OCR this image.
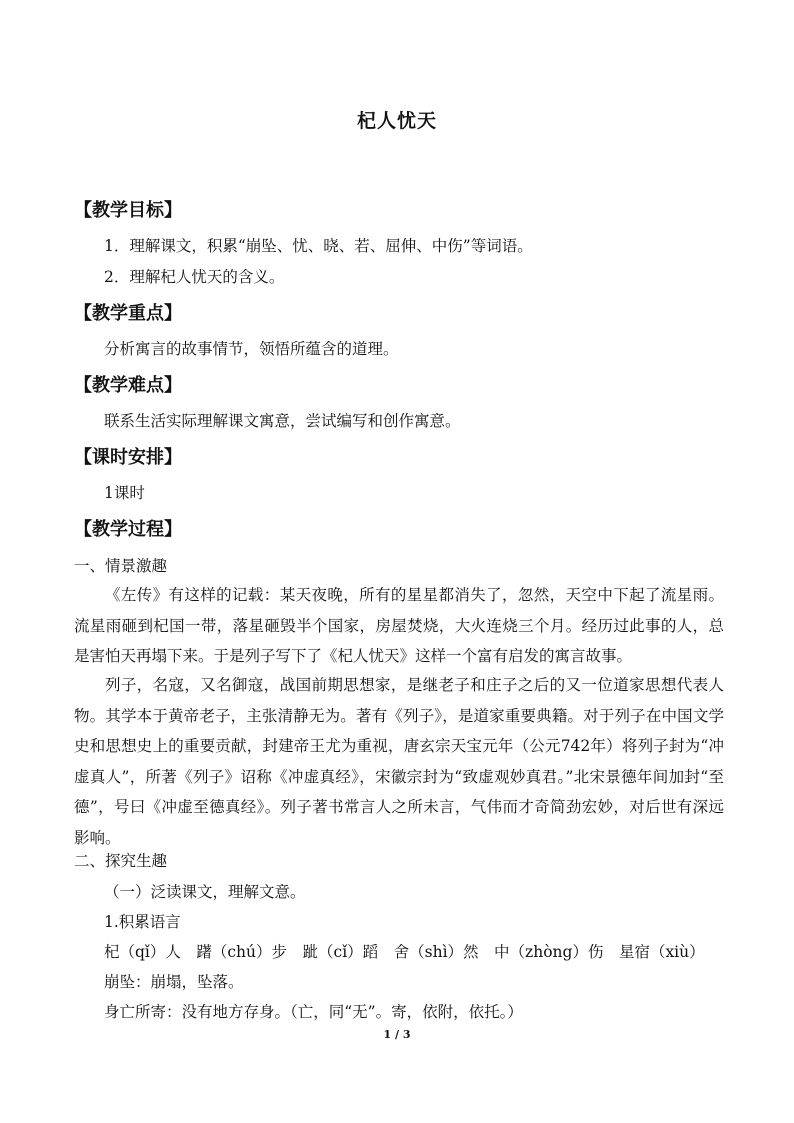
杞人忧天
【教学目标】
1．理解课文，积累“崩坠、忧、晓、若、屈伸、中伤”等词语。
2．理解杞人忧天的含义。
【教学重点】
分析寓言的故事情节，领悟所蕴含的道理。
【教学难点】
联系生活实际理解课文寓意，尝试编写和创作寓意。
【课时安排】
1课时
【教学过程】
一、情景激趣
《左传》有这样的记载：某天夜晚，所有的星星都消失了，忽然，天空中下起了流星雨。流星雨砸到杞国一带，落星砸毁半个国家，房屋焚烧，大火连烧三个月。经历过此事的人，总是害怕天再塌下来。于是列子写下了《杞人忧天》这样一个富有启发的寓言故事。
列子，名寇，又名御寇，战国前期思想家，是继老子和庄子之后的又一位道家思想代表人物。其学本于黄帝老子，主张清静无为。著有《列子》，是道家重要典籍。对于列子在中国文学史和思想史上的重要贡献，封建帝王尤为重视，唐玄宗天宝元年（公元742年）将列子封为“冲虚真人”，所著《列子》诏称《冲虚真经》，宋徽宗封为“致虚观妙真君。”北宋景德年间加封“至德”，号曰《冲虚至德真经》。列子著书常言人之所未言，气伟而才奇简劲宏妙，对后世有深远影响。
二、探究生趣
（一）泛读课文，理解文意。
1.积累语言
杞（qǐ）人　躇（chú）步　跐（cǐ）蹈　舍（shì）然　中（zhòng）伤　星宿（xiù）
崩坠：崩塌，坠落。
身亡所寄：没有地方存身。（亡，同“无”。寄，依附，依托。）
1 / 3
